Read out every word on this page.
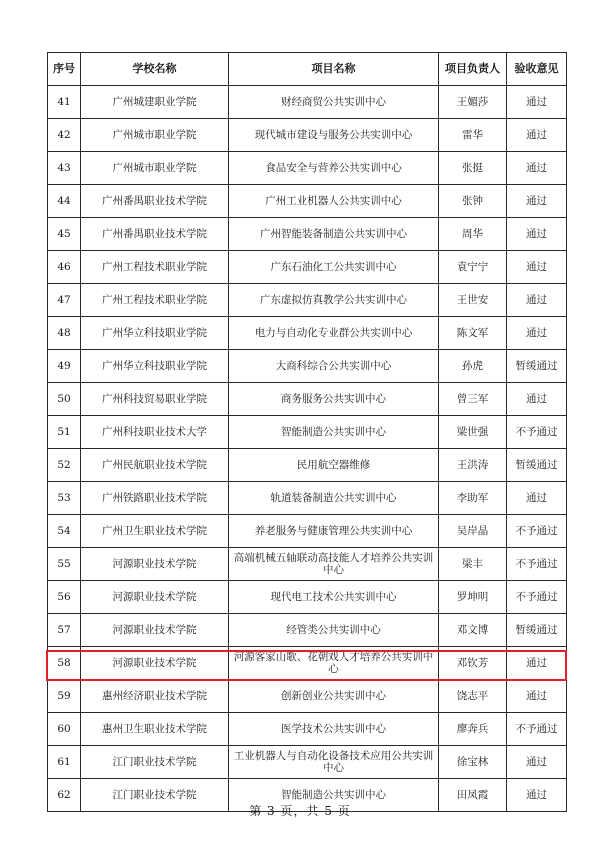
序号	学校名称	项目名称	项目负责人	验收意见
41	广州城建职业学院	财经商贸公共实训中心	王媚莎	通过
42	广州城市职业学院	现代城市建设与服务公共实训中心	雷华	通过
43	广州城市职业学院	食品安全与营养公共实训中心	张挺	通过
44	广州番禺职业技术学院	广州工业机器人公共实训中心	张钟	通过
45	广州番禺职业技术学院	广州智能装备制造公共实训中心	周华	通过
46	广州工程技术职业学院	广东石油化工公共实训中心	袁宁宁	通过
47	广州工程技术职业学院	广东虚拟仿真教学公共实训中心	王世安	通过
48	广州华立科技职业学院	电力与自动化专业群公共实训中心	陈文军	通过
49	广州华立科技职业学院	大商科综合公共实训中心	孙虎	暂缓通过
50	广州科技贸易职业学院	商务服务公共实训中心	曾三军	通过
51	广州科技职业技术大学	智能制造公共实训中心	梁世强	不予通过
52	广州民航职业技术学院	民用航空器维修	王洪涛	暂缓通过
53	广州铁路职业技术学院	轨道装备制造公共实训中心	李助军	通过
54	广州卫生职业技术学院	养老服务与健康管理公共实训中心	吴岸晶	不予通过
55	河源职业技术学院	高端机械五轴联动高技能人才培养公共实训中心	梁丰	不予通过
56	河源职业技术学院	现代电工技术公共实训中心	罗坤明	不予通过
57	河源职业技术学院	经管类公共实训中心	邓文博	暂缓通过
58	河源职业技术学院	河源客家山歌、花朝戏人才培养公共实训中心	邓钦芳	通过
59	惠州经济职业技术学院	创新创业公共实训中心	饶志平	通过
60	惠州卫生职业技术学院	医学技术公共实训中心	廖奔兵	不予通过
61	江门职业技术学院	工业机器人与自动化设备技术应用公共实训中心	徐宝林	通过
62	江门职业技术学院	智能制造公共实训中心	田凤霞	通过
第 3 页，共 5 页
